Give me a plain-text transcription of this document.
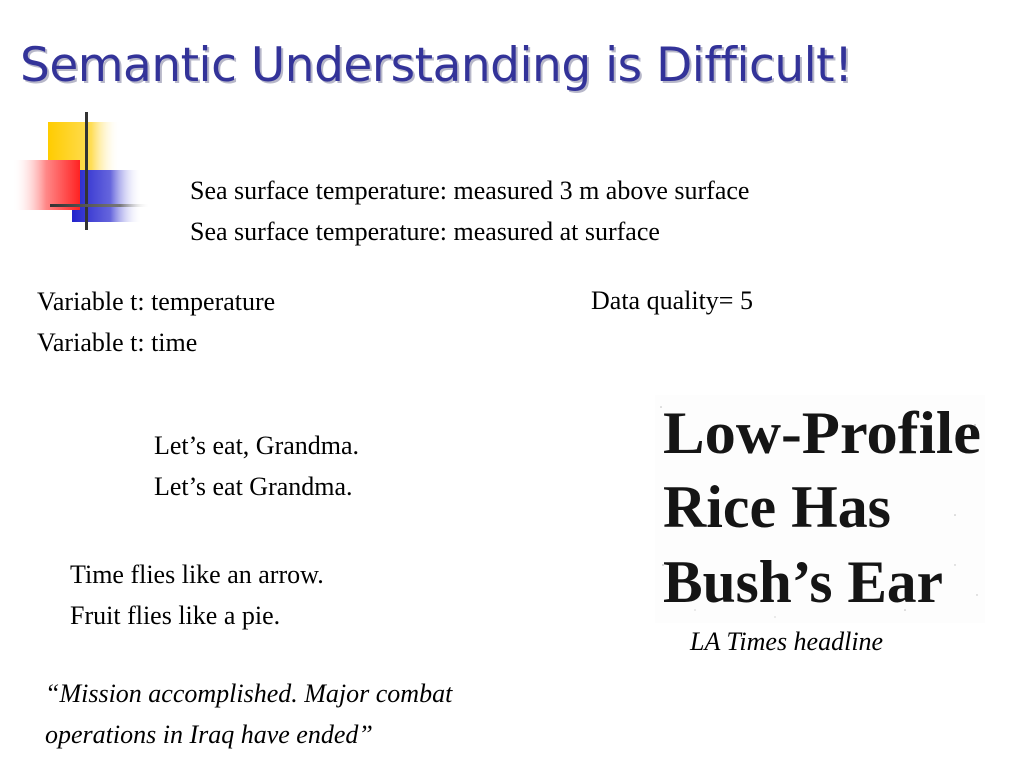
Semantic Understanding is Difficult!
Sea surface temperature: measured 3 m above surface
Sea surface temperature: measured at surface
Variable t: temperature
Variable t: time
Data quality= 5
Let’s eat, Grandma.
Let’s eat Grandma.
Time flies like an arrow.
Fruit flies like a pie.
“Mission accomplished. Major combat
operations in Iraq have ended”
Low-Profile
Rice Has
Bush’s Ear
LA Times headline
